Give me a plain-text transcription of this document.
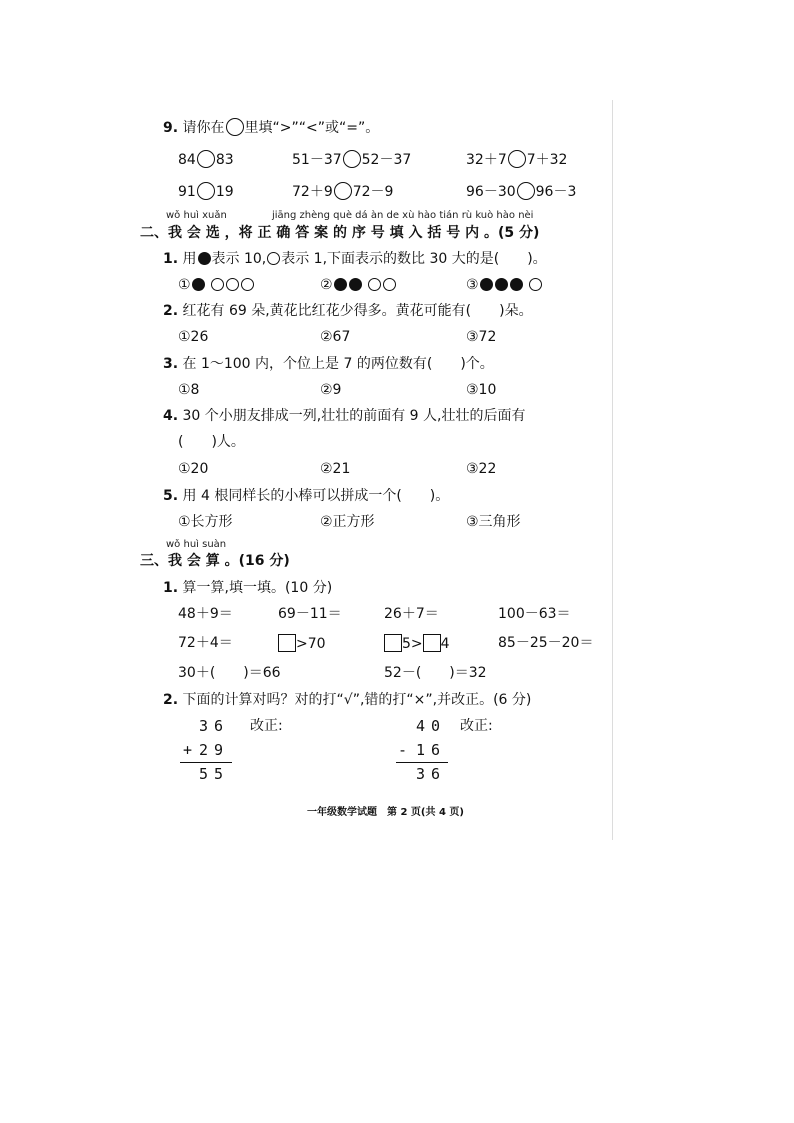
9. 请你在 里填“>”“<”或“=”。
84 83	51－37 52－37	32＋7 7＋32
91 19	72＋9 72－9	96－30 96－3
wǒ huì xuǎn	jiāng zhèng què dá àn de xù hào tián rù kuò hào nèi
二、我 会 选 ，将 正 确 答 案 的 序 号 填 入 括 号 内 。(5 分)
1. 用 表示 10, 表示 1,下面表示的数比 30 大的是(　　)。
①	②	③
2. 红花有 69 朵,黄花比红花少得多。黄花可能有(　　)朵。
①26	②67	③72
3. 在 1～100 内，个位上是 7 的两位数有(　　)个。
①8	②9	③10
4. 30 个小朋友排成一列,壮壮的前面有 9 人,壮壮的后面有
(　　)人。
①20	②21	③22
5. 用 4 根同样长的小棒可以拼成一个(　　)。
①长方形	②正方形	③三角形
wǒ huì suàn
三、我 会 算 。(16 分)
1. 算一算,填一填。(10 分)
48＋9＝	69－11＝	26＋7＝	100－63＝
72＋4＝	>70	5> 4	85－25－20＝
30＋(　　)＝66	52－(　　)＝32
2. 下面的计算对吗？对的打“√”,错的打“×”,并改正。(6 分)
36 改正:
+ 29
55
40 改正:
- 16
36
一年级数学试题　第 2 页(共 4 页)
